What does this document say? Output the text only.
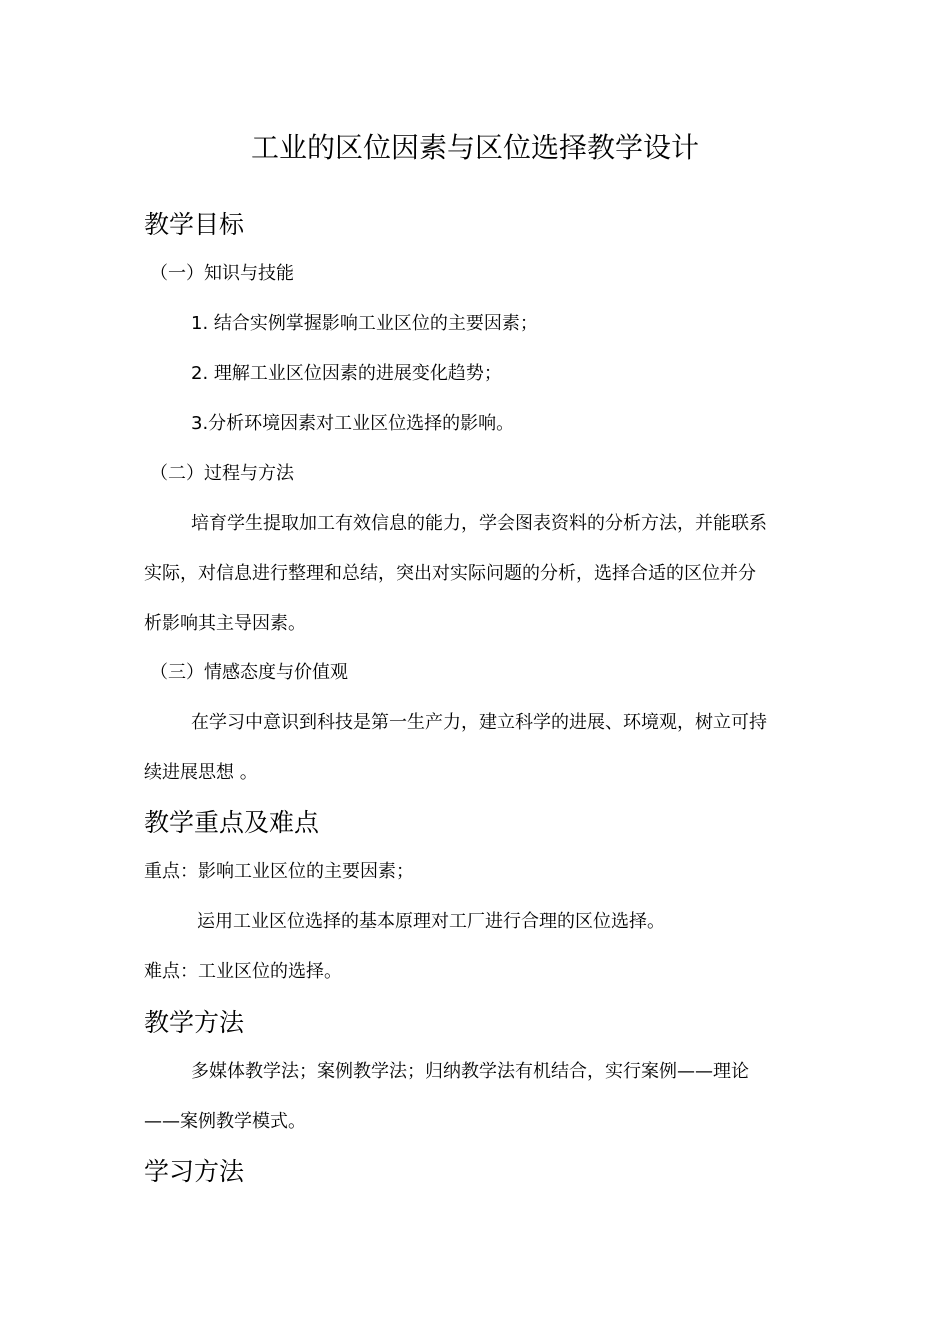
工业的区位因素与区位选择教学设计
教学目标
（一）知识与技能
1. 结合实例掌握影响工业区位的主要因素；
2. 理解工业区位因素的进展变化趋势；
3.分析环境因素对工业区位选择的影响。
（二）过程与方法
培育学生提取加工有效信息的能力，学会图表资料的分析方法，并能联系
实际，对信息进行整理和总结，突出对实际问题的分析，选择合适的区位并分
析影响其主导因素。
（三）情感态度与价值观
在学习中意识到科技是第一生产力，建立科学的进展、环境观，树立可持
续进展思想 。
教学重点及难点
重点：影响工业区位的主要因素；
运用工业区位选择的基本原理对工厂进行合理的区位选择。
难点：工业区位的选择。
教学方法
多媒体教学法；案例教学法；归纳教学法有机结合，实行案例——理论
——案例教学模式。
学习方法
